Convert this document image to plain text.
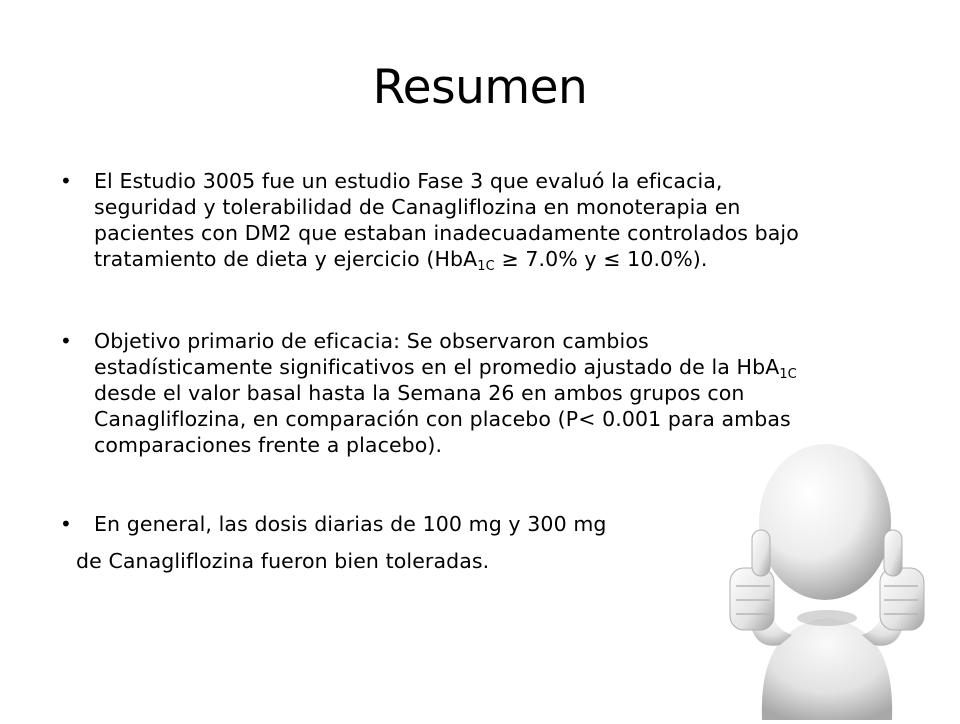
Resumen
• El Estudio 3005 fue un estudio Fase 3 que evaluó la eficacia,
seguridad y tolerabilidad de Canagliflozina en monoterapia en
pacientes con DM2 que estaban inadecuadamente controlados bajo
tratamiento de dieta y ejercicio (HbA$_{1C}$ ≥ 7.0% y ≤ 10.0%).
• Objetivo primario de eficacia: Se observaron cambios
estadísticamente significativos en el promedio ajustado de la HbA$_{1C}$
desde el valor basal hasta la Semana 26 en ambos grupos con
Canagliflozina, en comparación con placebo (P< 0.001 para ambas
comparaciones frente a placebo).
• En general, las dosis diarias de 100 mg y 300 mg
de Canagliflozina fueron bien toleradas.
